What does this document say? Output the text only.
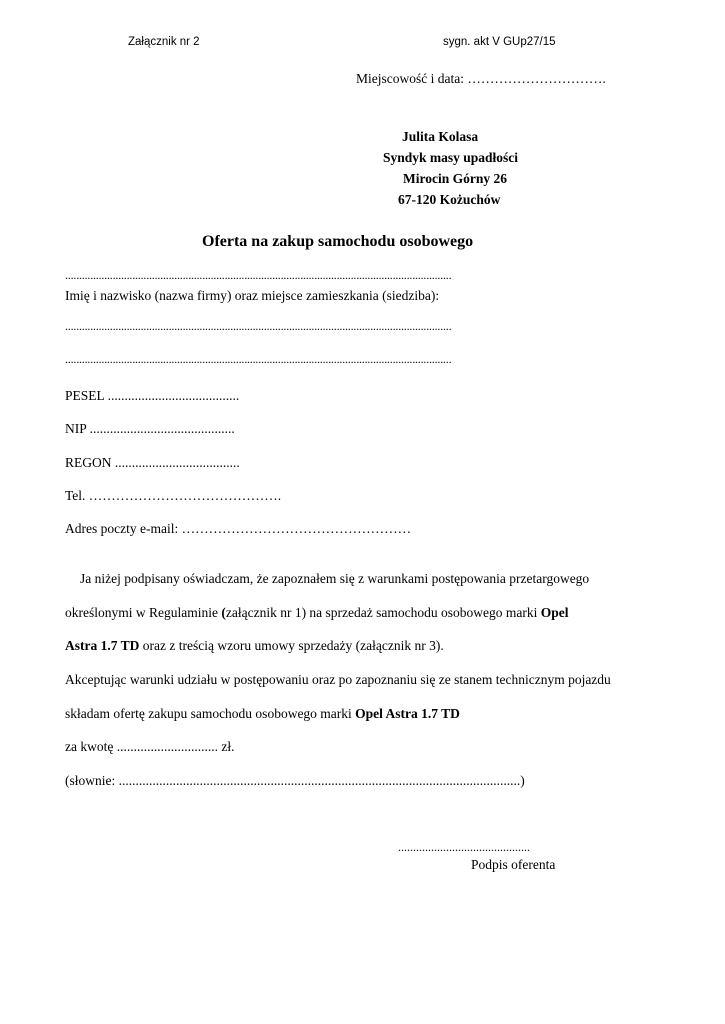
Załącznik nr 2	sygn. akt V GUp27/15
Miejscowość i data: ………………………….
Julita Kolasa
Syndyk masy upadłości
Mirocin Górny 26
67-120 Kożuchów
Oferta na zakup samochodu osobowego
..........................................................................................................................................
Imię i nazwisko (nazwa firmy) oraz miejsce zamieszkania (siedziba):
..........................................................................................................................................
..........................................................................................................................................
PESEL .......................................
NIP ...........................................
REGON .....................................
Tel. …………………………………….
Adres poczty e-mail: ……………………………………………
Ja niżej podpisany oświadczam, że zapoznałem się z warunkami postępowania przetargowego
określonymi w Regulaminie (załącznik nr 1) na sprzedaż samochodu osobowego marki Opel
Astra 1.7 TD oraz z treścią wzoru umowy sprzedaży (załącznik nr 3).
Akceptując warunki udziału w postępowaniu oraz po zapoznaniu się ze stanem technicznym pojazdu
składam ofertę zakupu samochodu osobowego marki Opel Astra 1.7 TD
za kwotę .............................. zł.
(słownie: .......................................................................................................................)
............................................
Podpis oferenta
